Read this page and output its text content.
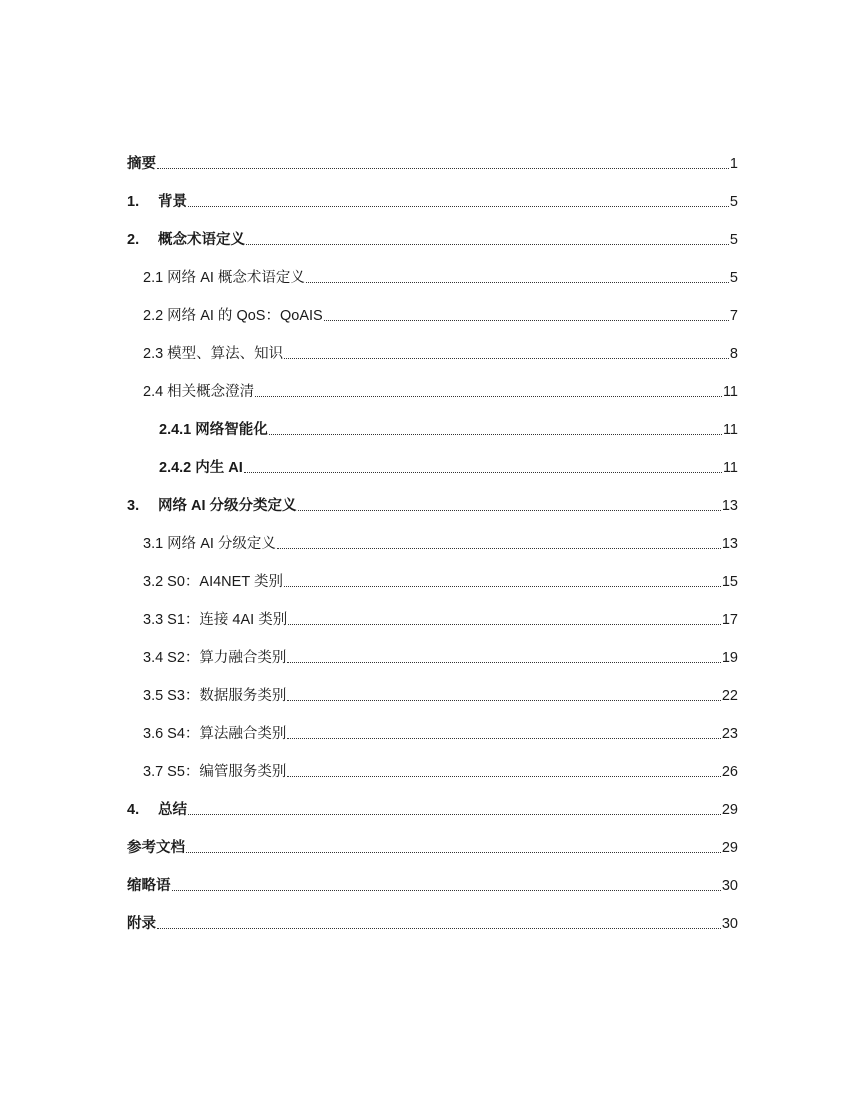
摘要	1
1.	背景	5
2.	概念术语定义	5
2.1 网络 AI 概念术语定义	5
2.2 网络 AI 的 QoS：QoAIS	7
2.3 模型、算法、知识	8
2.4 相关概念澄清	11
2.4.1 网络智能化	11
2.4.2 内生 AI	11
3.	网络 AI 分级分类定义	13
3.1 网络 AI 分级定义	13
3.2 S0：AI4NET 类别	15
3.3 S1：连接 4AI 类别	17
3.4 S2：算力融合类别	19
3.5 S3：数据服务类别	22
3.6 S4：算法融合类别	23
3.7 S5：编管服务类别	26
4.	总结	29
参考文档	29
缩略语	30
附录	30
